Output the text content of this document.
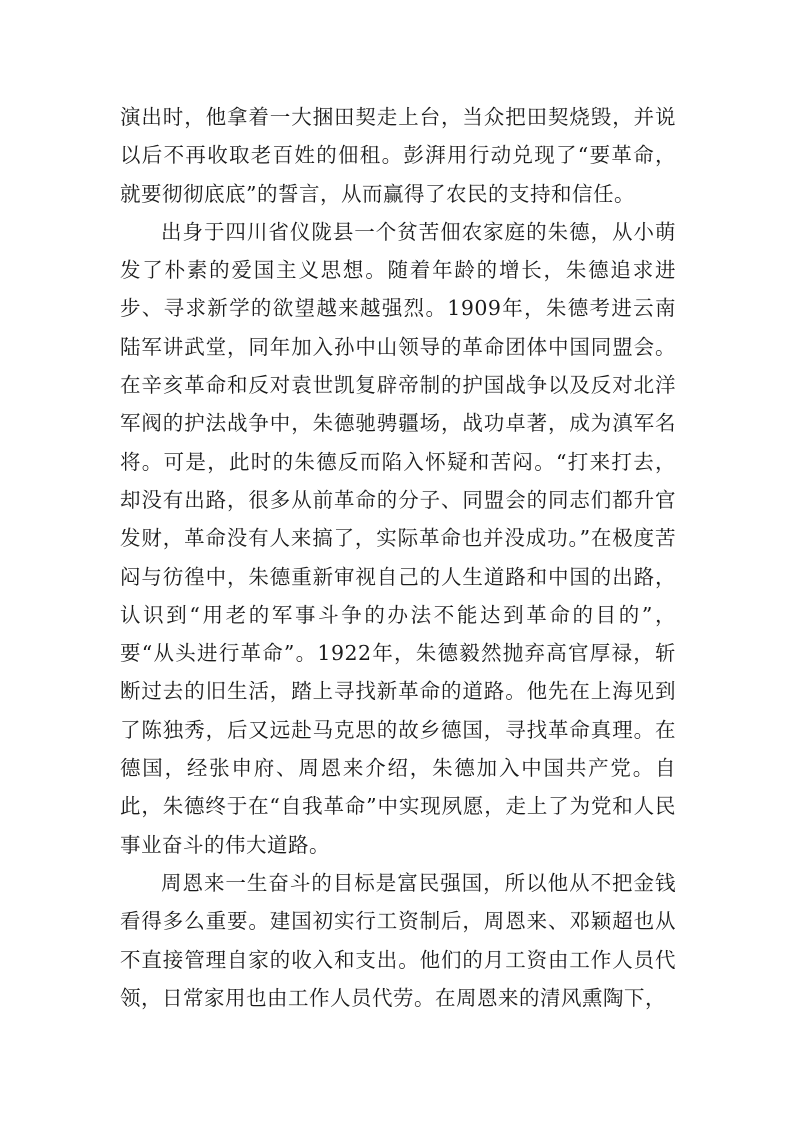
演出时，他拿着一大捆田契走上台，当众把田契烧毁，并说以后不再收取老百姓的佃租。彭湃用行动兑现了“要革命，就要彻彻底底”的誓言，从而赢得了农民的支持和信任。

出身于四川省仪陇县一个贫苦佃农家庭的朱德，从小萌发了朴素的爱国主义思想。随着年龄的增长，朱德追求进步、寻求新学的欲望越来越强烈。1909年，朱德考进云南陆军讲武堂，同年加入孙中山领导的革命团体中国同盟会。在辛亥革命和反对袁世凯复辟帝制的护国战争以及反对北洋军阀的护法战争中，朱德驰骋疆场，战功卓著，成为滇军名将。可是，此时的朱德反而陷入怀疑和苦闷。“打来打去，却没有出路，很多从前革命的分子、同盟会的同志们都升官发财，革命没有人来搞了，实际革命也并没成功。”在极度苦闷与彷徨中，朱德重新审视自己的人生道路和中国的出路，认识到“用老的军事斗争的办法不能达到革命的目的”，要“从头进行革命”。1922年，朱德毅然抛弃高官厚禄，斩断过去的旧生活，踏上寻找新革命的道路。他先在上海见到了陈独秀，后又远赴马克思的故乡德国，寻找革命真理。在德国，经张申府、周恩来介绍，朱德加入中国共产党。自此，朱德终于在“自我革命”中实现夙愿，走上了为党和人民事业奋斗的伟大道路。

周恩来一生奋斗的目标是富民强国，所以他从不把金钱看得多么重要。建国初实行工资制后，周恩来、邓颖超也从不直接管理自家的收入和支出。他们的月工资由工作人员代领，日常家用也由工作人员代劳。在周恩来的清风熏陶下，
